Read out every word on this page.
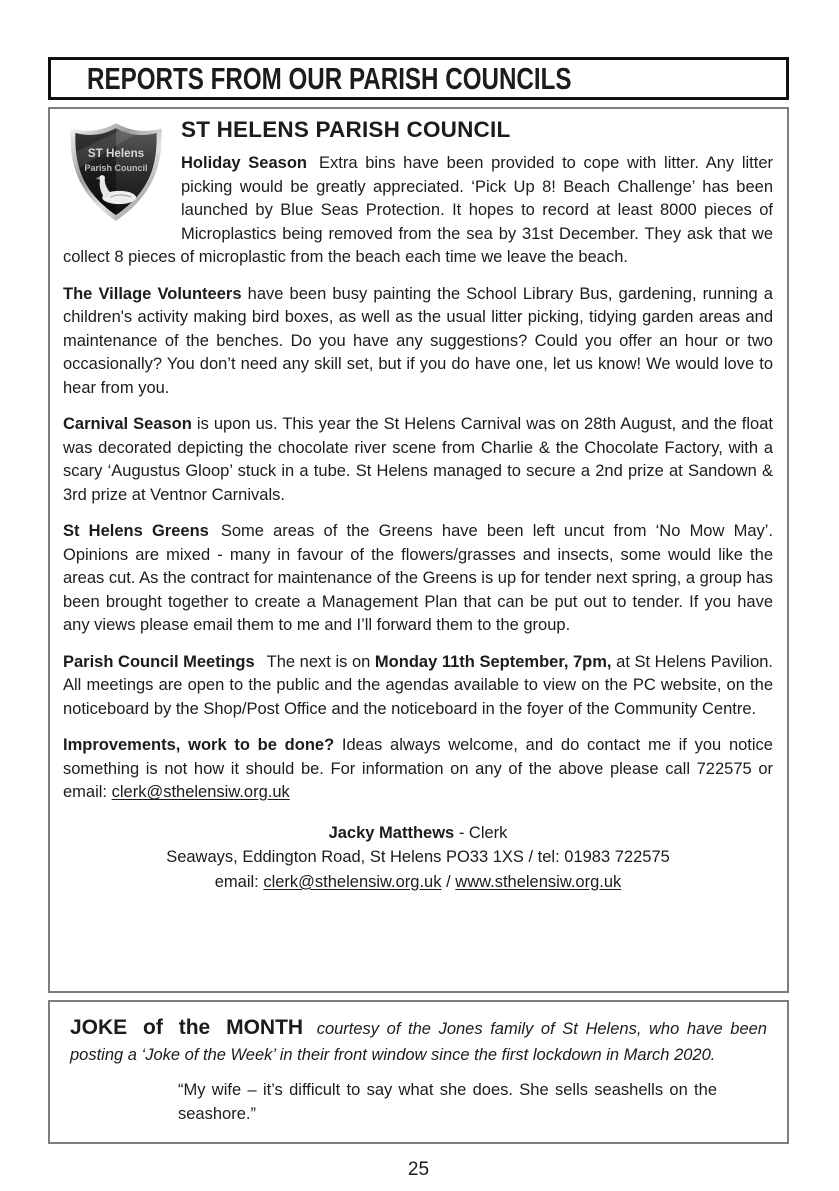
REPORTS FROM OUR PARISH COUNCILS
ST Helens
Parish Council
ST HELENS PARISH COUNCIL

Holiday Season Extra bins have been provided to cope with litter. Any litter picking would be greatly appreciated. ‘Pick Up 8! Beach Challenge’ has been launched by Blue Seas Protection. It hopes to record at least 8000 pieces of Microplastics being removed from the sea by 31st December. They ask that we collect 8 pieces of microplastic from the beach each time we leave the beach.

The Village Volunteers have been busy painting the School Library Bus, gardening, running a children's activity making bird boxes, as well as the usual litter picking, tidying garden areas and maintenance of the benches. Do you have any suggestions? Could you offer an hour or two occasionally? You don’t need any skill set, but if you do have one, let us know! We would love to hear from you.

Carnival Season is upon us. This year the St Helens Carnival was on 28th August, and the float was decorated depicting the chocolate river scene from Charlie & the Chocolate Factory, with a scary ‘Augustus Gloop’ stuck in a tube. St Helens managed to secure a 2nd prize at Sandown & 3rd prize at Ventnor Carnivals.

St Helens Greens Some areas of the Greens have been left uncut from ‘No Mow May’. Opinions are mixed - many in favour of the flowers/grasses and insects, some would like the areas cut. As the contract for maintenance of the Greens is up for tender next spring, a group has been brought together to create a Management Plan that can be put out to tender. If you have any views please email them to me and I’ll forward them to the group.

Parish Council Meetings The next is on Monday 11th September, 7pm, at St Helens Pavilion. All meetings are open to the public and the agendas available to view on the PC website, on the noticeboard by the Shop/Post Office and the noticeboard in the foyer of the Community Centre.

Improvements, work to be done? Ideas always welcome, and do contact me if you notice something is not how it should be. For information on any of the above please call 722575 or email: clerk@sthelensiw.org.uk

Jacky Matthews - Clerk

Seaways, Eddington Road, St Helens PO33 1XS / tel: 01983 722575

email: clerk@sthelensiw.org.uk / www.sthelensiw.org.uk

JOKE of the MONTH courtesy of the Jones family of St Helens, who have been posting a ‘Joke of the Week’ in their front window since the first lockdown in March 2020.

“My wife – it’s difficult to say what she does. She sells seashells on the seashore.”

25
